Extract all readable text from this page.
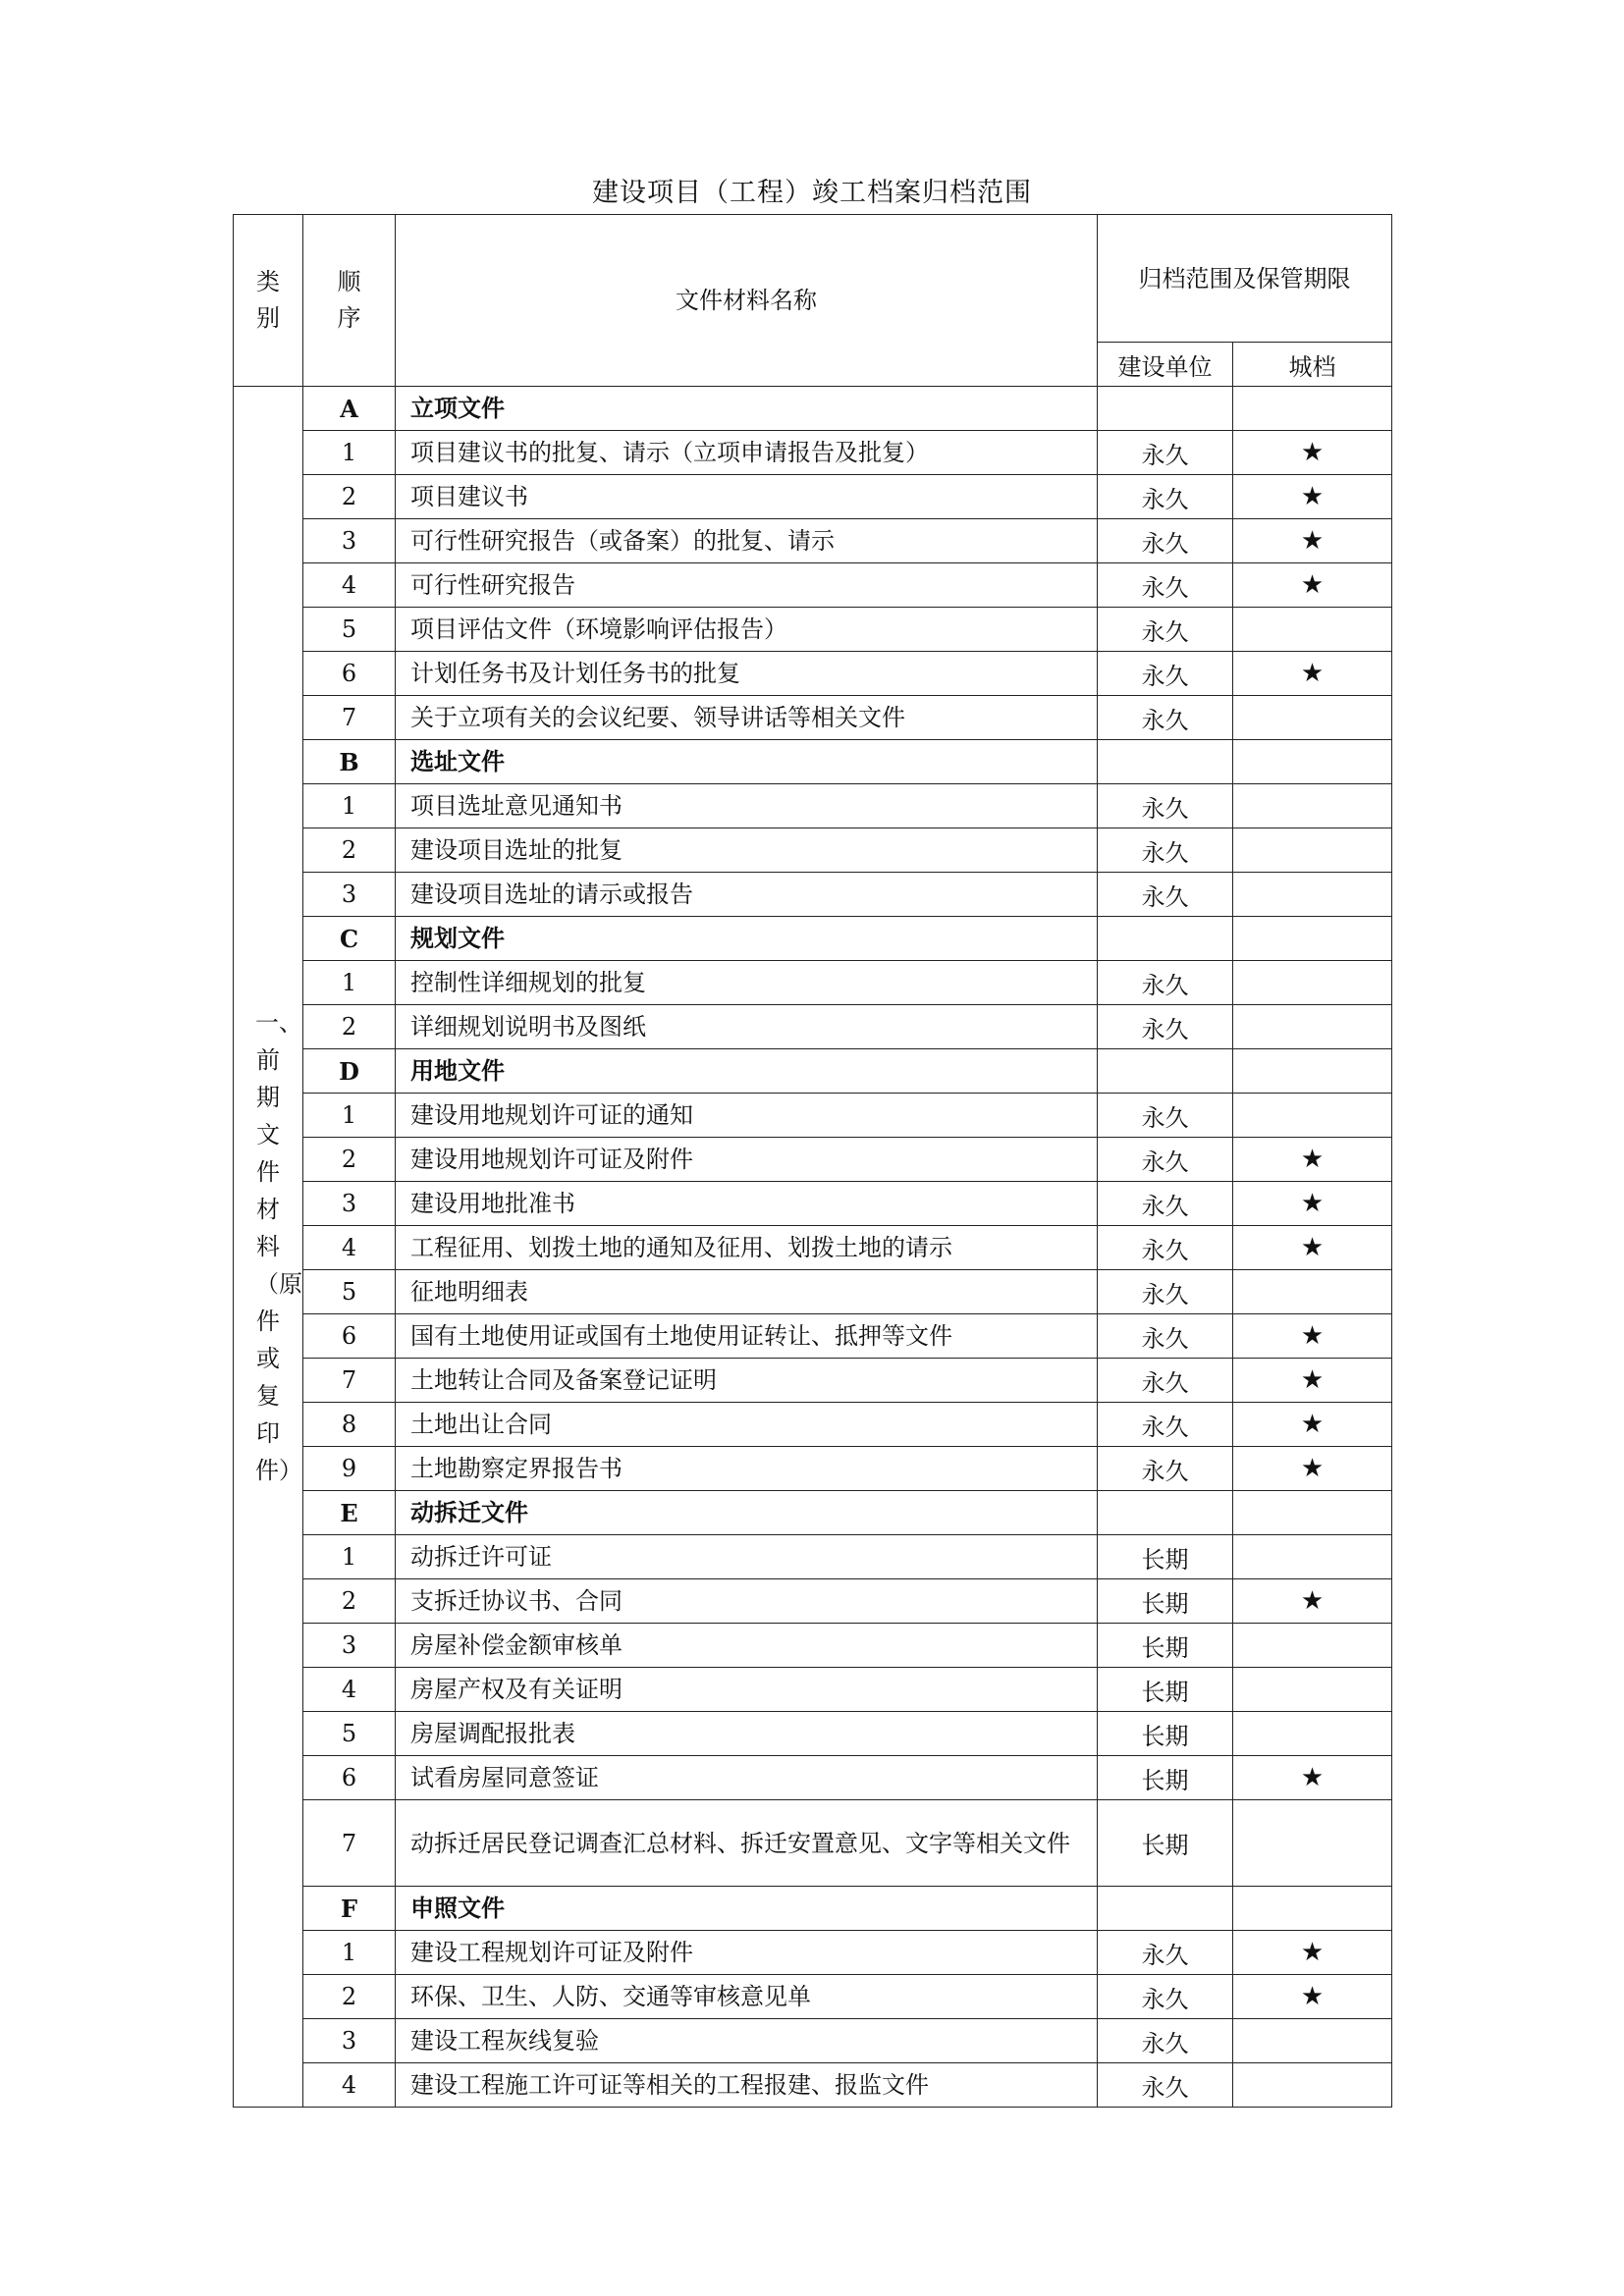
建设项目（工程）竣工档案归档范围
类别	顺序	文件材料名称	归档范围及保管期限	
			建设单位	城档
一、前期文件材料（原件或复印件）	A	立项文件		
	1	项目建议书的批复、请示（立项申请报告及批复）	永久	★
	2	项目建议书	永久	★
	3	可行性研究报告（或备案）的批复、请示	永久	★
	4	可行性研究报告	永久	★
	5	项目评估文件（环境影响评估报告）	永久	
	6	计划任务书及计划任务书的批复	永久	★
	7	关于立项有关的会议纪要、领导讲话等相关文件	永久	
	B	选址文件		
	1	项目选址意见通知书	永久	
	2	建设项目选址的批复	永久	
	3	建设项目选址的请示或报告	永久	
	C	规划文件		
	1	控制性详细规划的批复	永久	
	2	详细规划说明书及图纸	永久	
	D	用地文件		
	1	建设用地规划许可证的通知	永久	
	2	建设用地规划许可证及附件	永久	★
	3	建设用地批准书	永久	★
	4	工程征用、划拨土地的通知及征用、划拨土地的请示	永久	★
	5	征地明细表	永久	
	6	国有土地使用证或国有土地使用证转让、抵押等文件	永久	★
	7	土地转让合同及备案登记证明	永久	★
	8	土地出让合同	永久	★
	9	土地勘察定界报告书	永久	★
	E	动拆迁文件		
	1	动拆迁许可证	长期	
	2	支拆迁协议书、合同	长期	★
	3	房屋补偿金额审核单	长期	
	4	房屋产权及有关证明	长期	
	5	房屋调配报批表	长期	
	6	试看房屋同意签证	长期	★
	7	动拆迁居民登记调查汇总材料、拆迁安置意见、文字等相关文件	长期	
	F	申照文件		
	1	建设工程规划许可证及附件	永久	★
	2	环保、卫生、人防、交通等审核意见单	永久	★
	3	建设工程灰线复验	永久	
	4	建设工程施工许可证等相关的工程报建、报监文件	永久	
